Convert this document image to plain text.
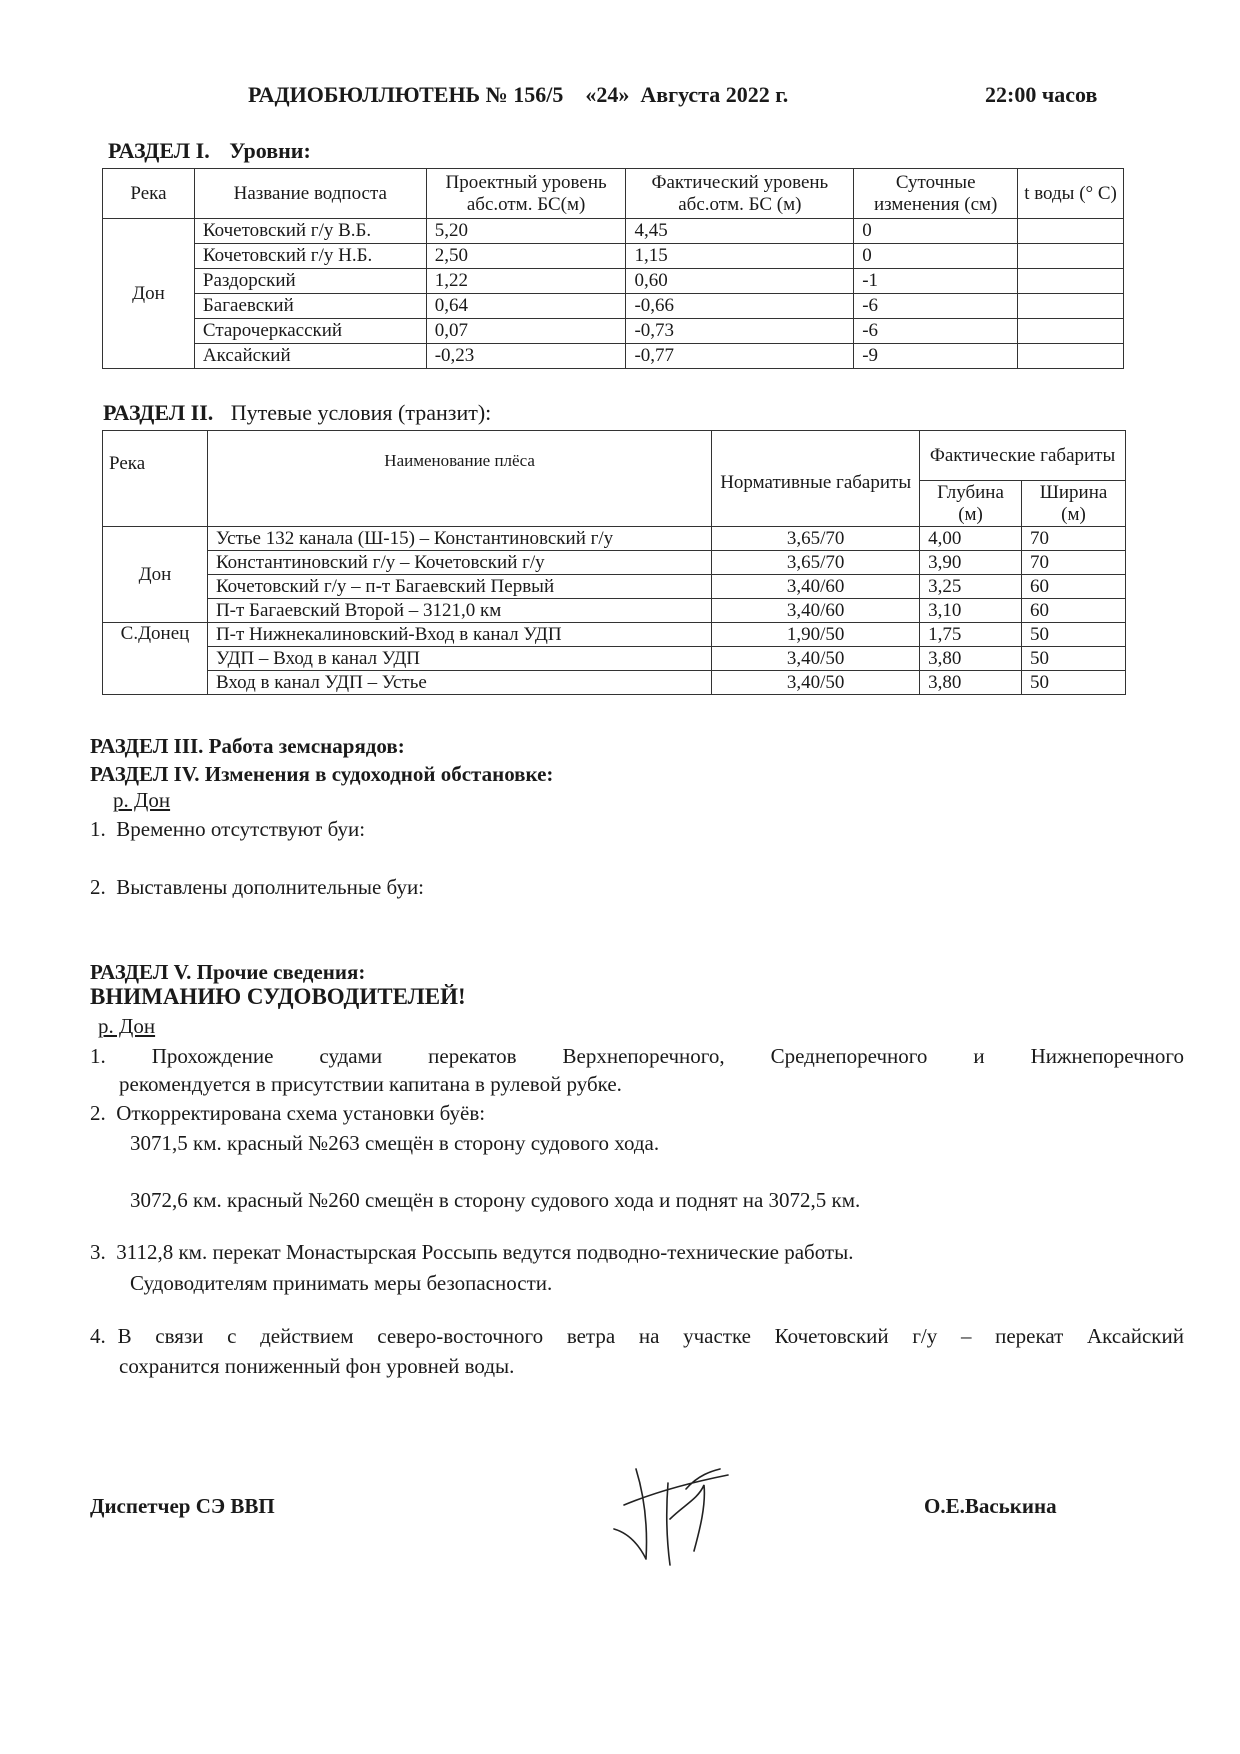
РАДИОБЮЛЛЮТЕНЬ № 156/5    «24»  Августа 2022 г.	22:00 часов
РАЗДЕЛ I. Уровни:
Река	Название водпоста	Проектный уровень абс.отм. БС(м)	Фактический уровень абс.отм. БС (м)	Суточные изменения (см)	t воды (° С)
Дон	Кочетовский г/у В.Б.	5,20	4,45	0	
	Кочетовский г/у Н.Б.	2,50	1,15	0	
	Раздорский	1,22	0,60	-1	
	Багаевский	0,64	-0,66	-6	
	Старочеркасский	0,07	-0,73	-6	
	Аксайский	-0,23	-0,77	-9	
РАЗДЕЛ II. Путевые условия (транзит):
Река	Наименование плёса	Нормативные габариты	Фактические габариты	
			Глубина (м)	Ширина (м)
Дон	Устье 132 канала (Ш-15) – Константиновский г/у	3,65/70	4,00	70
	Константиновский г/у – Кочетовский г/у	3,65/70	3,90	70
	Кочетовский г/у – п-т Багаевский Первый	3,40/60	3,25	60
	П-т Багаевский Второй – 3121,0 км	3,40/60	3,10	60
С.Донец	П-т Нижнекалиновский-Вход в канал УДП	1,90/50	1,75	50
	УДП – Вход в канал УДП	3,40/50	3,80	50
	Вход в канал УДП – Устье	3,40/50	3,80	50
РАЗДЕЛ III. Работа земснарядов:
РАЗДЕЛ IV. Изменения в судоходной обстановке:
р. Дон
1.  Временно отсутствуют буи:
2.  Выставлены дополнительные буи:
РАЗДЕЛ V. Прочие сведения:
ВНИМАНИЮ СУДОВОДИТЕЛЕЙ!
р. Дон
1.  Прохождение  судами  перекатов  Верхнепоречного,  Среднепоречного  и  Нижнепоречного
рекомендуется в присутствии капитана в рулевой рубке.
2.  Откорректирована схема установки буёв:
3071,5 км. красный №263 смещён в сторону судового хода.
3072,6 км. красный №260 смещён в сторону судового хода и поднят на 3072,5 км.
3.  3112,8 км. перекат Монастырская Россыпь ведутся подводно-технические работы.
Судоводителям принимать меры безопасности.
4. В  связи  с  действием  северо-восточного  ветра  на  участке  Кочетовский  г/у  –  перекат  Аксайский
сохранится пониженный фон уровней воды.
Диспетчер СЭ ВВП	О.Е.Васькина
